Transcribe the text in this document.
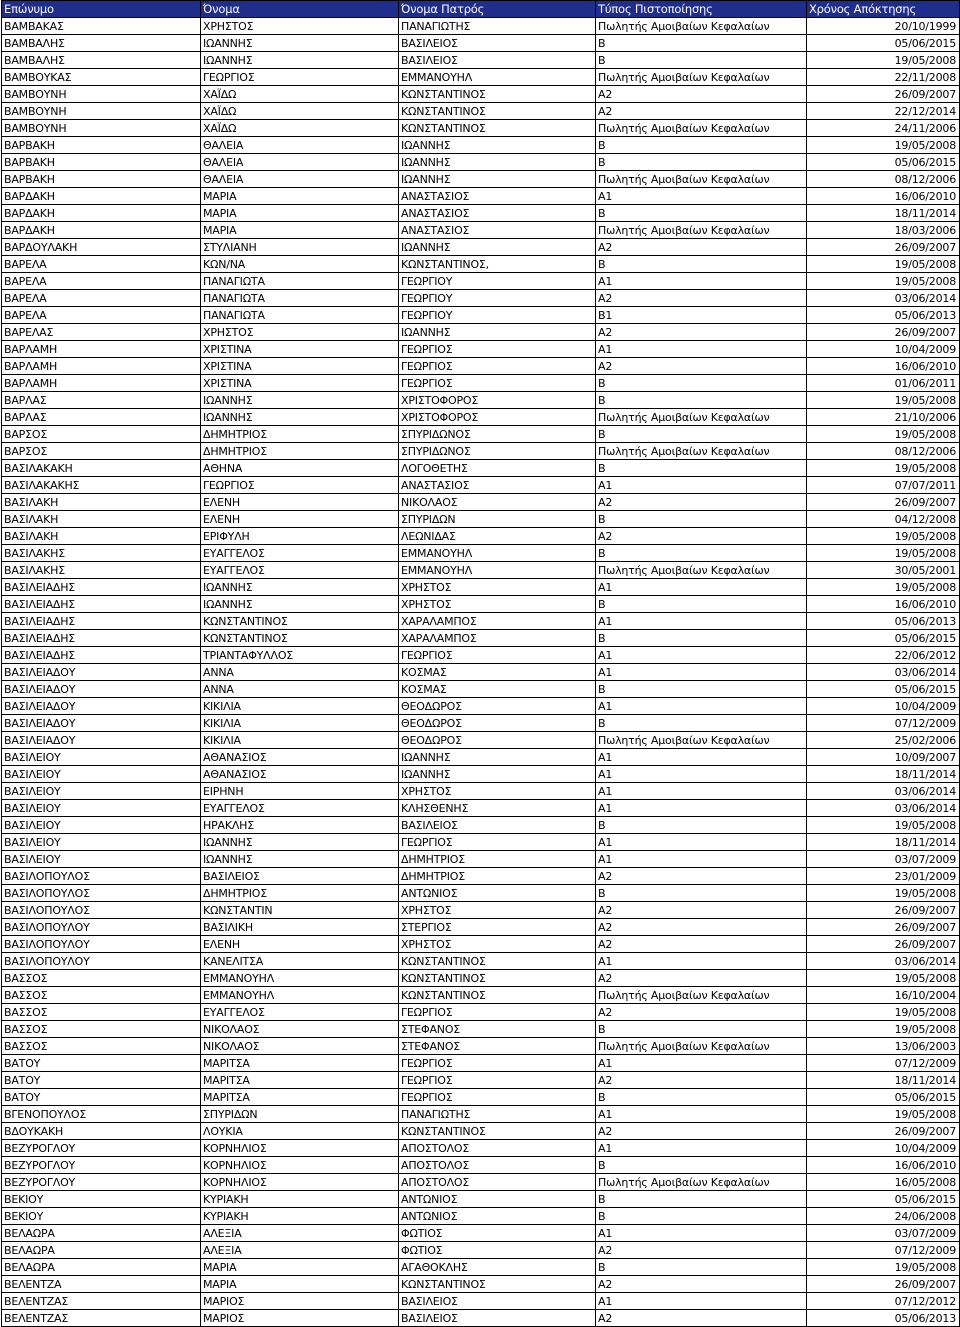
Επώνυμο	Όνομα	Όνομα Πατρός	Τύπος Πιστοποίησης	Χρόνος Απόκτησης
ΒΑΜΒΑΚΑΣ	ΧΡΗΣΤΟΣ	ΠΑΝΑΓΙΩΤΗΣ	Πωλητής Αμοιβαίων Κεφαλαίων	20/10/1999
ΒΑΜΒΑΛΗΣ	ΙΩΑΝΝΗΣ	ΒΑΣΙΛΕΙΟΣ	Β	05/06/2015
ΒΑΜΒΑΛΗΣ	ΙΩΑΝΝΗΣ	ΒΑΣΙΛΕΙΟΣ	Β	19/05/2008
ΒΑΜΒΟΥΚΑΣ	ΓΕΩΡΓΙΟΣ	ΕΜΜΑΝΟΥΗΛ	Πωλητής Αμοιβαίων Κεφαλαίων	22/11/2008
ΒΑΜΒΟΥΝΗ	ΧΑΪΔΩ	ΚΩΝΣΤΑΝΤΙΝΟΣ	Α2	26/09/2007
ΒΑΜΒΟΥΝΗ	ΧΑΪΔΩ	ΚΩΝΣΤΑΝΤΙΝΟΣ	Α2	22/12/2014
ΒΑΜΒΟΥΝΗ	ΧΑΪΔΩ	ΚΩΝΣΤΑΝΤΙΝΟΣ	Πωλητής Αμοιβαίων Κεφαλαίων	24/11/2006
ΒΑΡΒΑΚΗ	ΘΑΛΕΙΑ	ΙΩΑΝΝΗΣ	Β	19/05/2008
ΒΑΡΒΑΚΗ	ΘΑΛΕΙΑ	ΙΩΑΝΝΗΣ	Β	05/06/2015
ΒΑΡΒΑΚΗ	ΘΑΛΕΙΑ	ΙΩΑΝΝΗΣ	Πωλητής Αμοιβαίων Κεφαλαίων	08/12/2006
ΒΑΡΔΑΚΗ	ΜΑΡΙΑ	ΑΝΑΣΤΑΣΙΟΣ	Α1	16/06/2010
ΒΑΡΔΑΚΗ	ΜΑΡΙΑ	ΑΝΑΣΤΑΣΙΟΣ	Β	18/11/2014
ΒΑΡΔΑΚΗ	ΜΑΡΙΑ	ΑΝΑΣΤΑΣΙΟΣ	Πωλητής Αμοιβαίων Κεφαλαίων	18/03/2006
ΒΑΡΔΟΥΛΑΚΗ	ΣΤΥΛΙΑΝΗ	ΙΩΑΝΝΗΣ	Α2	26/09/2007
ΒΑΡΕΛΑ	ΚΩΝ/ΝΑ	ΚΩΝΣΤΑΝΤΙΝΟΣ,	Β	19/05/2008
ΒΑΡΕΛΑ	ΠΑΝΑΓΙΩΤΑ	ΓΕΩΡΓΙΟΥ	Α1	19/05/2008
ΒΑΡΕΛΑ	ΠΑΝΑΓΙΩΤΑ	ΓΕΩΡΓΙΟΥ	Α2	03/06/2014
ΒΑΡΕΛΑ	ΠΑΝΑΓΙΩΤΑ	ΓΕΩΡΓΙΟΥ	Β1	05/06/2013
ΒΑΡΕΛΑΣ	ΧΡΗΣΤΟΣ	ΙΩΑΝΝΗΣ	Α2	26/09/2007
ΒΑΡΛΑΜΗ	ΧΡΙΣΤΙΝΑ	ΓΕΩΡΓΙΟΣ	Α1	10/04/2009
ΒΑΡΛΑΜΗ	ΧΡΙΣΤΙΝΑ	ΓΕΩΡΓΙΟΣ	Α2	16/06/2010
ΒΑΡΛΑΜΗ	ΧΡΙΣΤΙΝΑ	ΓΕΩΡΓΙΟΣ	Β	01/06/2011
ΒΑΡΛΑΣ	ΙΩΑΝΝΗΣ	ΧΡΙΣΤΟΦΟΡΟΣ	Β	19/05/2008
ΒΑΡΛΑΣ	ΙΩΑΝΝΗΣ	ΧΡΙΣΤΟΦΟΡΟΣ	Πωλητής Αμοιβαίων Κεφαλαίων	21/10/2006
ΒΑΡΣΟΣ	ΔΗΜΗΤΡΙΟΣ	ΣΠΥΡΙΔΩΝΟΣ	Β	19/05/2008
ΒΑΡΣΟΣ	ΔΗΜΗΤΡΙΟΣ	ΣΠΥΡΙΔΩΝΟΣ	Πωλητής Αμοιβαίων Κεφαλαίων	08/12/2006
ΒΑΣΙΛΑΚΑΚΗ	ΑΘΗΝΑ	ΛΟΓΟΘΕΤΗΣ	Β	19/05/2008
ΒΑΣΙΛΑΚΑΚΗΣ	ΓΕΩΡΓΙΟΣ	ΑΝΑΣΤΑΣΙΟΣ	Α1	07/07/2011
ΒΑΣΙΛΑΚΗ	ΕΛΕΝΗ	ΝΙΚΟΛΑΟΣ	Α2	26/09/2007
ΒΑΣΙΛΑΚΗ	ΕΛΕΝΗ	ΣΠΥΡΙΔΩΝ	Β	04/12/2008
ΒΑΣΙΛΑΚΗ	ΕΡΙΦΥΛΗ	ΛΕΩΝΙΔΑΣ	Α2	19/05/2008
ΒΑΣΙΛΑΚΗΣ	ΕΥΑΓΓΕΛΟΣ	ΕΜΜΑΝΟΥΗΛ	Β	19/05/2008
ΒΑΣΙΛΑΚΗΣ	ΕΥΑΓΓΕΛΟΣ	ΕΜΜΑΝΟΥΗΛ	Πωλητής Αμοιβαίων Κεφαλαίων	30/05/2001
ΒΑΣΙΛΕΙΑΔΗΣ	ΙΩΑΝΝΗΣ	ΧΡΗΣΤΟΣ	Α1	19/05/2008
ΒΑΣΙΛΕΙΑΔΗΣ	ΙΩΑΝΝΗΣ	ΧΡΗΣΤΟΣ	Β	16/06/2010
ΒΑΣΙΛΕΙΑΔΗΣ	ΚΩΝΣΤΑΝΤΙΝΟΣ	ΧΑΡΑΛΑΜΠΟΣ	Α1	05/06/2013
ΒΑΣΙΛΕΙΑΔΗΣ	ΚΩΝΣΤΑΝΤΙΝΟΣ	ΧΑΡΑΛΑΜΠΟΣ	Β	05/06/2015
ΒΑΣΙΛΕΙΑΔΗΣ	ΤΡΙΑΝΤΑΦΥΛΛΟΣ	ΓΕΩΡΓΙΟΣ	Α1	22/06/2012
ΒΑΣΙΛΕΙΑΔΟΥ	ΑΝΝΑ	ΚΟΣΜΑΣ	Α1	03/06/2014
ΒΑΣΙΛΕΙΑΔΟΥ	ΑΝΝΑ	ΚΟΣΜΑΣ	Β	05/06/2015
ΒΑΣΙΛΕΙΑΔΟΥ	ΚΙΚΙΛΙΑ	ΘΕΟΔΩΡΟΣ	Α1	10/04/2009
ΒΑΣΙΛΕΙΑΔΟΥ	ΚΙΚΙΛΙΑ	ΘΕΟΔΩΡΟΣ	Β	07/12/2009
ΒΑΣΙΛΕΙΑΔΟΥ	ΚΙΚΙΛΙΑ	ΘΕΟΔΩΡΟΣ	Πωλητής Αμοιβαίων Κεφαλαίων	25/02/2006
ΒΑΣΙΛΕΙΟΥ	ΑΘΑΝΑΣΙΟΣ	ΙΩΑΝΝΗΣ	Α1	10/09/2007
ΒΑΣΙΛΕΙΟΥ	ΑΘΑΝΑΣΙΟΣ	ΙΩΑΝΝΗΣ	Α1	18/11/2014
ΒΑΣΙΛΕΙΟΥ	ΕΙΡΗΝΗ	ΧΡΗΣΤΟΣ	Α1	03/06/2014
ΒΑΣΙΛΕΙΟΥ	ΕΥΑΓΓΕΛΟΣ	ΚΛΗΣΘΕΝΗΣ	Α1	03/06/2014
ΒΑΣΙΛΕΙΟΥ	ΗΡΑΚΛΗΣ	ΒΑΣΙΛΕΙΟΣ	Β	19/05/2008
ΒΑΣΙΛΕΙΟΥ	ΙΩΑΝΝΗΣ	ΓΕΩΡΓΙΟΣ	Α1	18/11/2014
ΒΑΣΙΛΕΙΟΥ	ΙΩΑΝΝΗΣ	ΔΗΜΗΤΡΙΟΣ	Α1	03/07/2009
ΒΑΣΙΛΟΠΟΥΛΟΣ	ΒΑΣΙΛΕΙΟΣ	ΔΗΜΗΤΡΙΟΣ	Α2	23/01/2009
ΒΑΣΙΛΟΠΟΥΛΟΣ	ΔΗΜΗΤΡΙΟΣ	ΑΝΤΩΝΙΟΣ	Β	19/05/2008
ΒΑΣΙΛΟΠΟΥΛΟΣ	ΚΩΝΣΤΑΝΤΙΝ	ΧΡΗΣΤΟΣ	Α2	26/09/2007
ΒΑΣΙΛΟΠΟΥΛΟΥ	ΒΑΣΙΛΙΚΗ	ΣΤΕΡΓΙΟΣ	Α2	26/09/2007
ΒΑΣΙΛΟΠΟΥΛΟΥ	ΕΛΕΝΗ	ΧΡΗΣΤΟΣ	Α2	26/09/2007
ΒΑΣΙΛΟΠΟΥΛΟΥ	ΚΑΝΕΛΙΤΣΑ	ΚΩΝΣΤΑΝΤΙΝΟΣ	Α1	03/06/2014
ΒΑΣΣΟΣ	ΕΜΜΑΝΟΥΗΛ	ΚΩΝΣΤΑΝΤΙΝΟΣ	Α2	19/05/2008
ΒΑΣΣΟΣ	ΕΜΜΑΝΟΥΗΛ	ΚΩΝΣΤΑΝΤΙΝΟΣ	Πωλητής Αμοιβαίων Κεφαλαίων	16/10/2004
ΒΑΣΣΟΣ	ΕΥΑΓΓΕΛΟΣ	ΓΕΩΡΓΙΟΣ	Α2	19/05/2008
ΒΑΣΣΟΣ	ΝΙΚΟΛΑΟΣ	ΣΤΕΦΑΝΟΣ	Β	19/05/2008
ΒΑΣΣΟΣ	ΝΙΚΟΛΑΟΣ	ΣΤΕΦΑΝΟΣ	Πωλητής Αμοιβαίων Κεφαλαίων	13/06/2003
ΒΑΤΟΥ	ΜΑΡΙΤΣΑ	ΓΕΩΡΓΙΟΣ	Α1	07/12/2009
ΒΑΤΟΥ	ΜΑΡΙΤΣΑ	ΓΕΩΡΓΙΟΣ	Α2	18/11/2014
ΒΑΤΟΥ	ΜΑΡΙΤΣΑ	ΓΕΩΡΓΙΟΣ	Β	05/06/2015
ΒΓΕΝΟΠΟΥΛΟΣ	ΣΠΥΡΙΔΩΝ	ΠΑΝΑΓΙΩΤΗΣ	Α1	19/05/2008
ΒΔΟΥΚΑΚΗ	ΛΟΥΚΙΑ	ΚΩΝΣΤΑΝΤΙΝΟΣ	Α2	26/09/2007
ΒΕΖΥΡΟΓΛΟΥ	ΚΟΡΝΗΛΙΟΣ	ΑΠΟΣΤΟΛΟΣ	Α1	10/04/2009
ΒΕΖΥΡΟΓΛΟΥ	ΚΟΡΝΗΛΙΟΣ	ΑΠΟΣΤΟΛΟΣ	Β	16/06/2010
ΒΕΖΥΡΟΓΛΟΥ	ΚΟΡΝΗΛΙΟΣ	ΑΠΟΣΤΟΛΟΣ	Πωλητής Αμοιβαίων Κεφαλαίων	16/05/2008
ΒΕΚΙΟΥ	ΚΥΡΙΑΚΗ	ΑΝΤΩΝΙΟΣ	Β	05/06/2015
ΒΕΚΙΟΥ	ΚΥΡΙΑΚΗ	ΑΝΤΩΝΙΟΣ	Β	24/06/2008
ΒΕΛΑΩΡΑ	ΑΛΕΞΙΑ	ΦΩΤΙΟΣ	Α1	03/07/2009
ΒΕΛΑΩΡΑ	ΑΛΕΞΙΑ	ΦΩΤΙΟΣ	Α2	07/12/2009
ΒΕΛΑΩΡΑ	ΜΑΡΙΑ	ΑΓΑΘΟΚΛΗΣ	Β	19/05/2008
ΒΕΛΕΝΤΖΑ	ΜΑΡΙΑ	ΚΩΝΣΤΑΝΤΙΝΟΣ	Α2	26/09/2007
ΒΕΛΕΝΤΖΑΣ	ΜΑΡΙΟΣ	ΒΑΣΙΛΕΙΟΣ	Α1	07/12/2012
ΒΕΛΕΝΤΖΑΣ	ΜΑΡΙΟΣ	ΒΑΣΙΛΕΙΟΣ	Α2	05/06/2013
